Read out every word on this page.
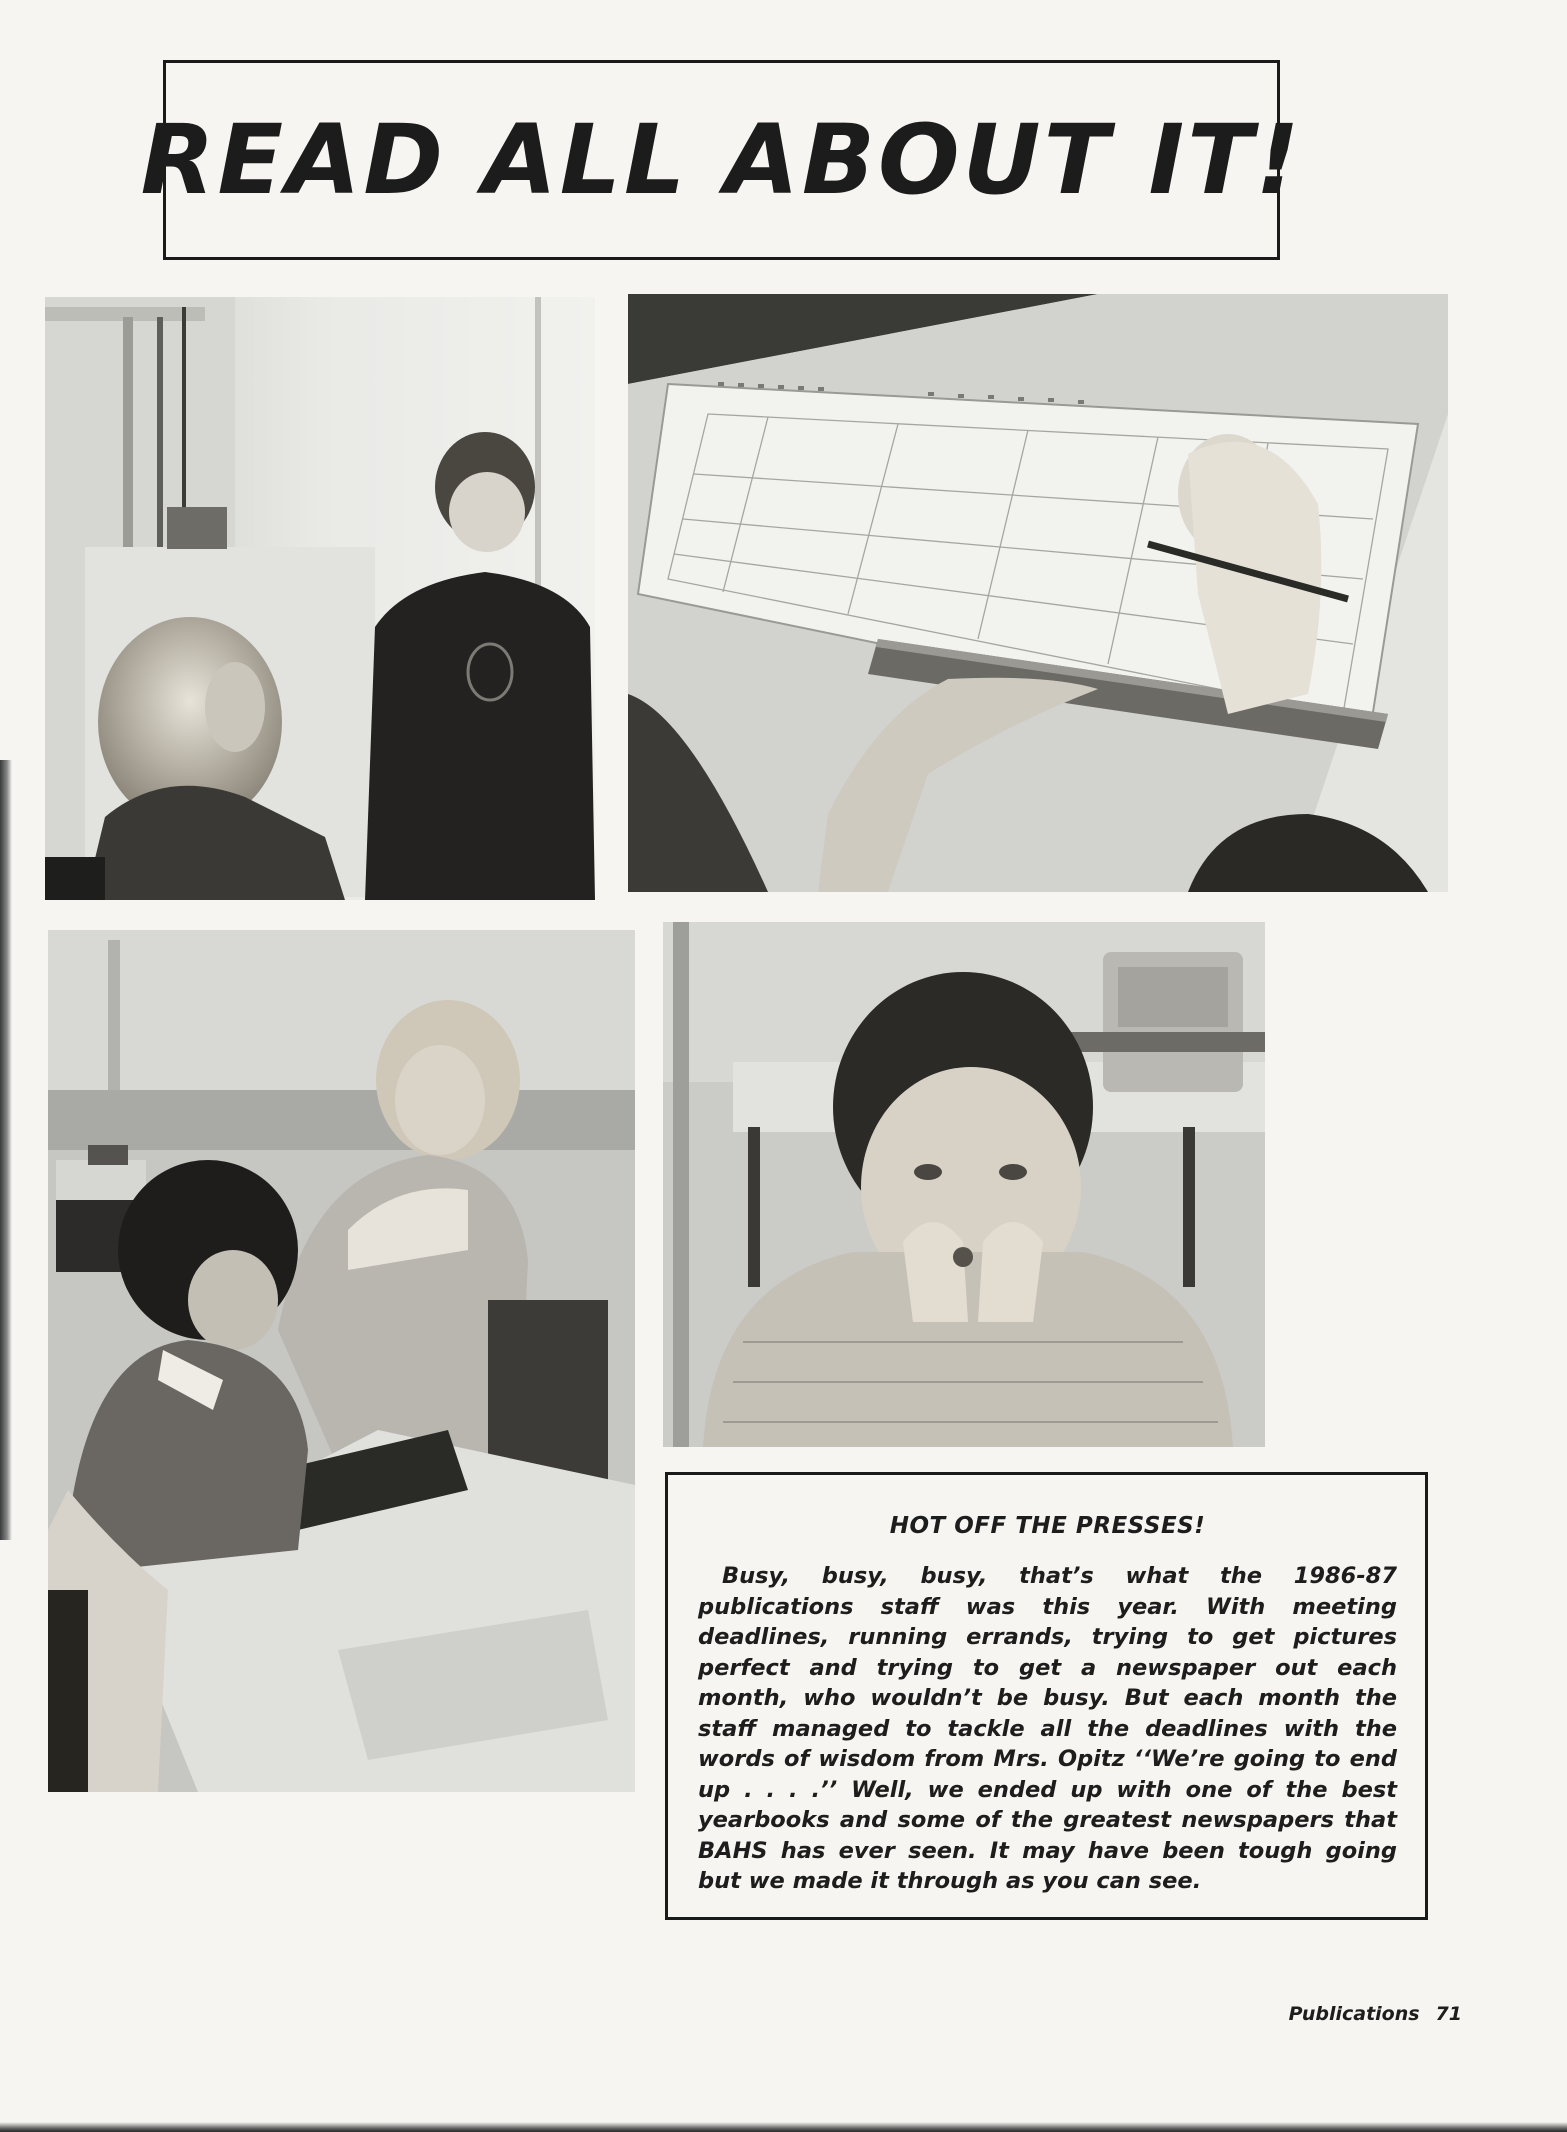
READ ALL ABOUT IT!
HOT OFF THE PRESSES!

Busy, busy, busy, that’s what the 1986-87 publications staff was this year. With meeting deadlines, running errands, trying to get pictures perfect and trying to get a newspaper out each month, who wouldn’t be busy. But each month the staff managed to tackle all the deadlines with the words of wisdom from Mrs. Opitz ‘‘We’re going to end up . . . .’’ Well, we ended up with one of the best yearbooks and some of the greatest newspapers that BAHS has ever seen. It may have been tough going but we made it through as you can see.

Publications 71
